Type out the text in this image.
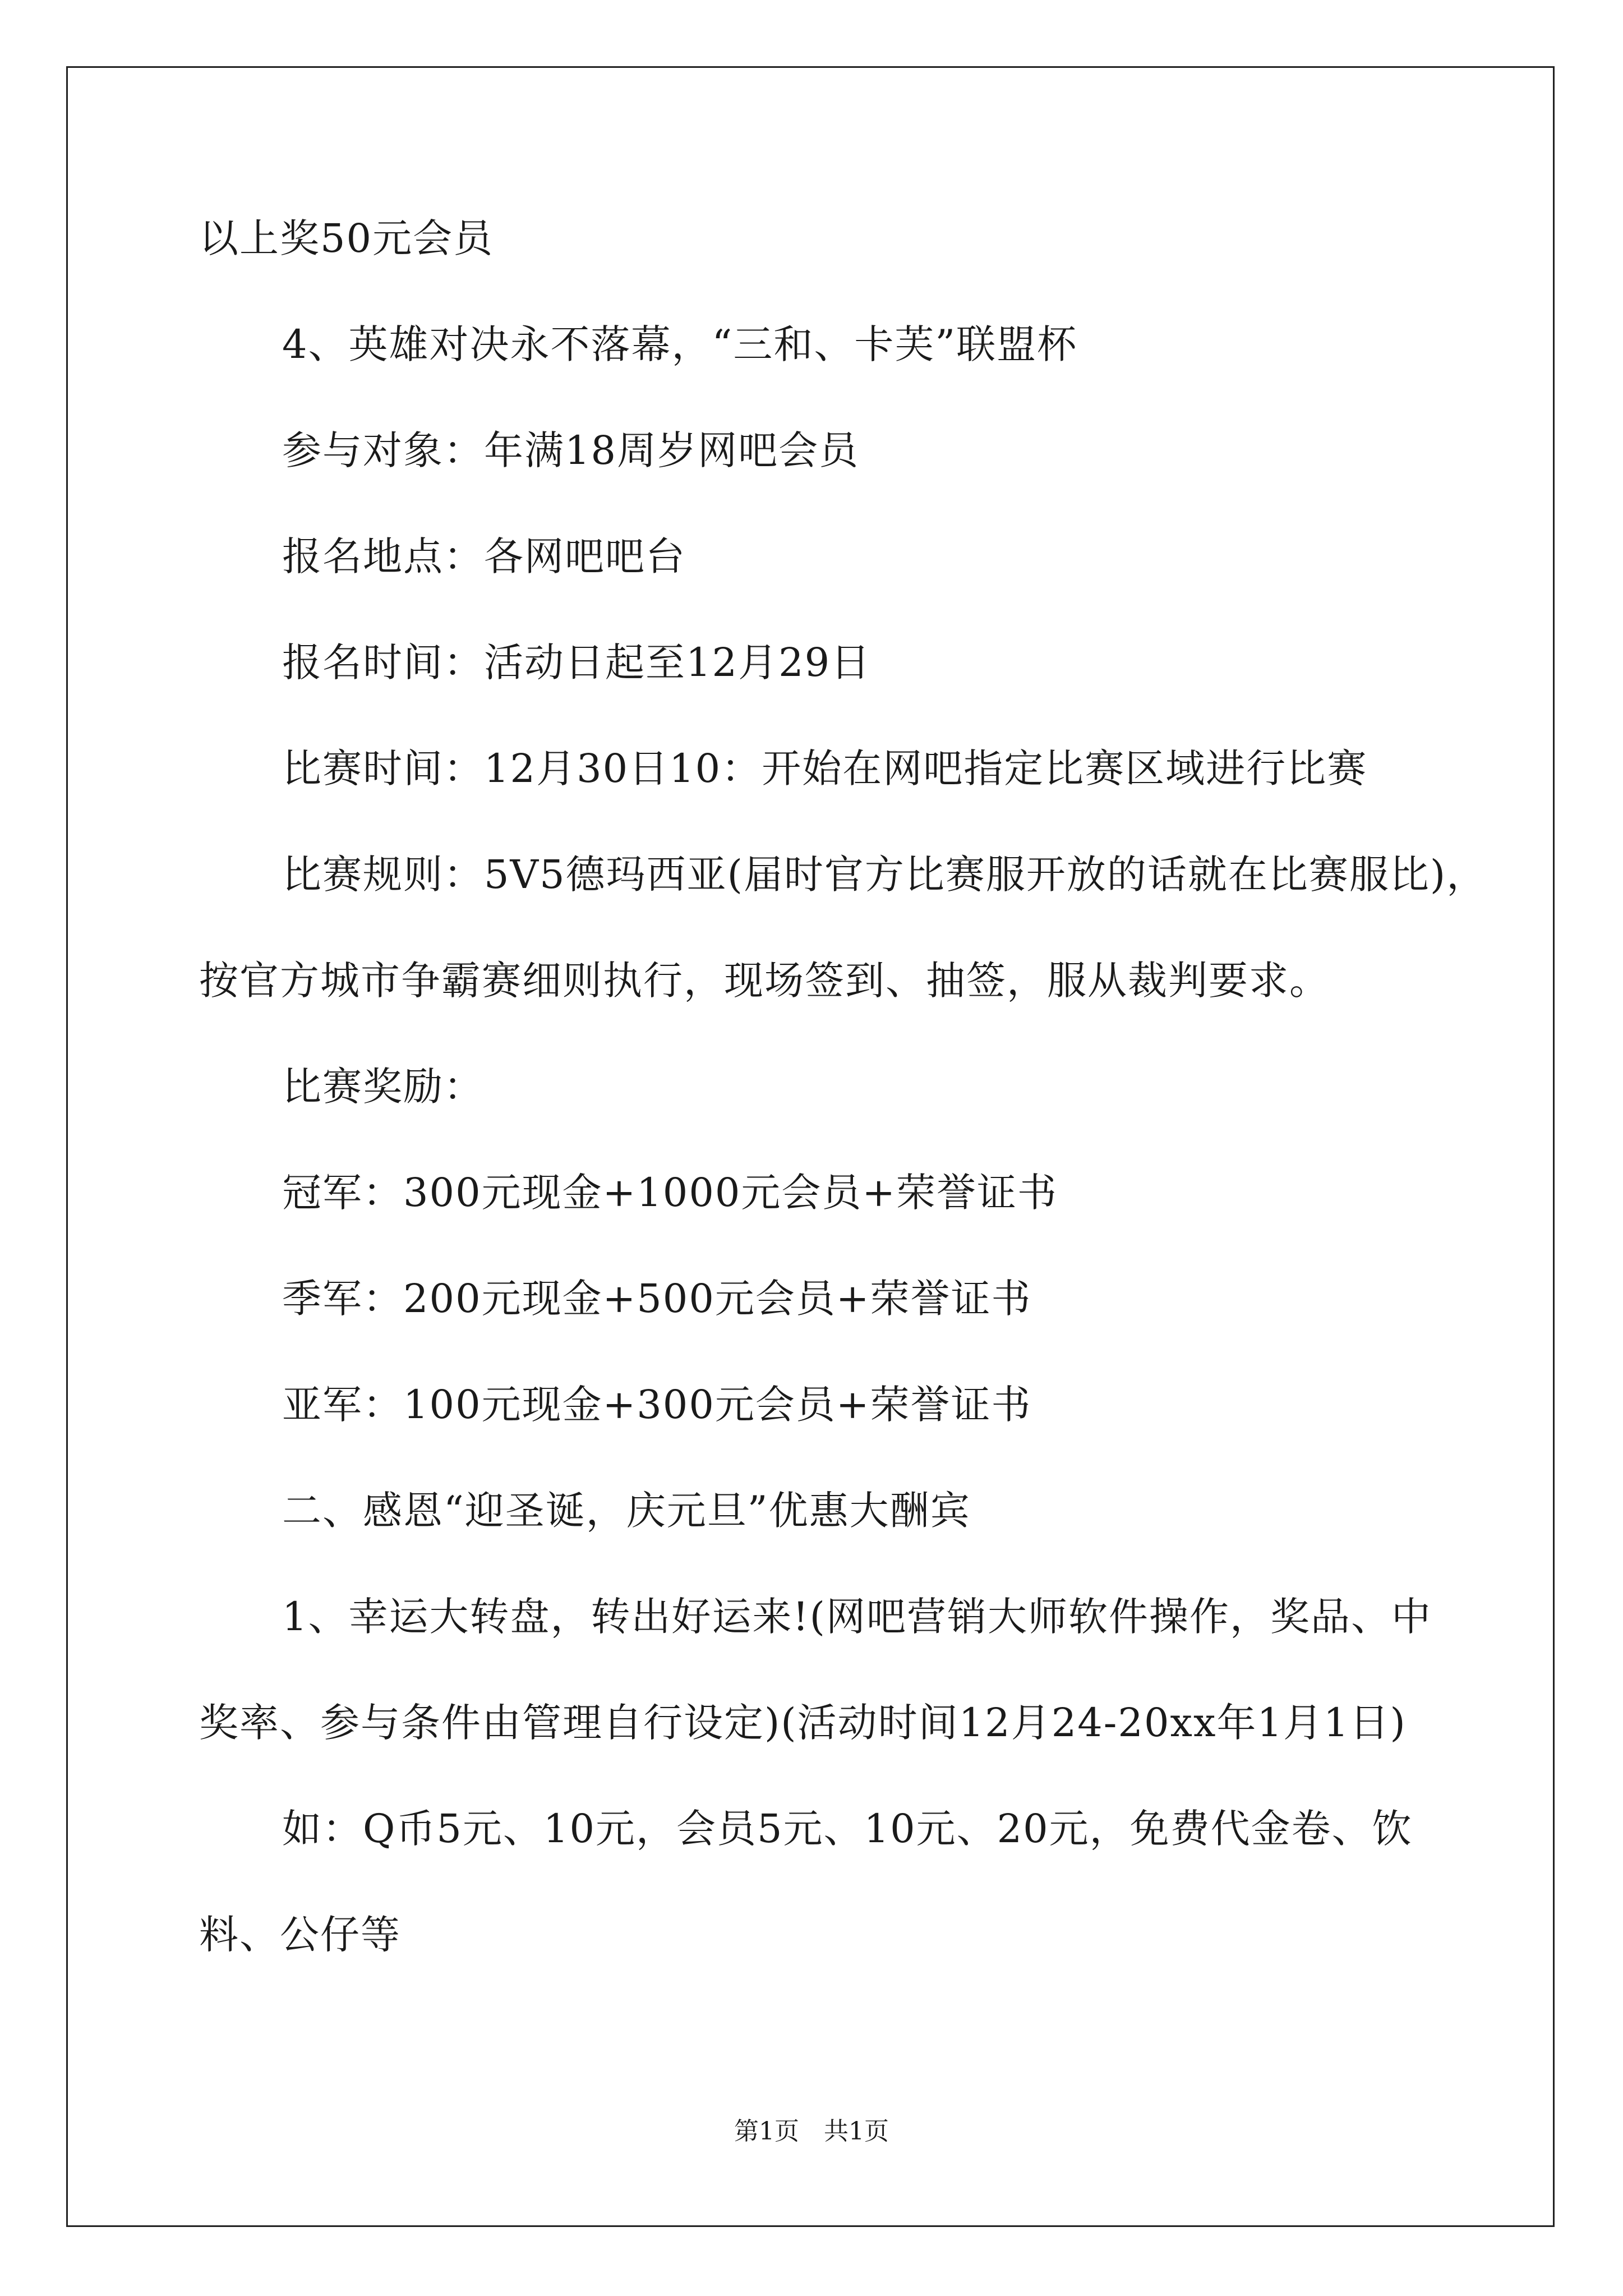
以上奖50元会员
4、英雄对决永不落幕，“三和、卡芙”联盟杯
参与对象：年满18周岁网吧会员
报名地点：各网吧吧台
报名时间：活动日起至12月29日
比赛时间：12月30日10：开始在网吧指定比赛区域进行比赛
比赛规则：5V5德玛西亚(届时官方比赛服开放的话就在比赛服比)，
按官方城市争霸赛细则执行，现场签到、抽签，服从裁判要求。
比赛奖励：
冠军：300元现金+1000元会员+荣誉证书
季军：200元现金+500元会员+荣誉证书
亚军：100元现金+300元会员+荣誉证书
二、感恩“迎圣诞，庆元旦”优惠大酬宾
1、幸运大转盘，转出好运来!(网吧营销大师软件操作，奖品、中
奖率、参与条件由管理自行设定)(活动时间12月24-20xx年1月1日)
如：Q币5元、10元，会员5元、10元、20元，免费代金卷、饮
料、公仔等
第1页 共1页
